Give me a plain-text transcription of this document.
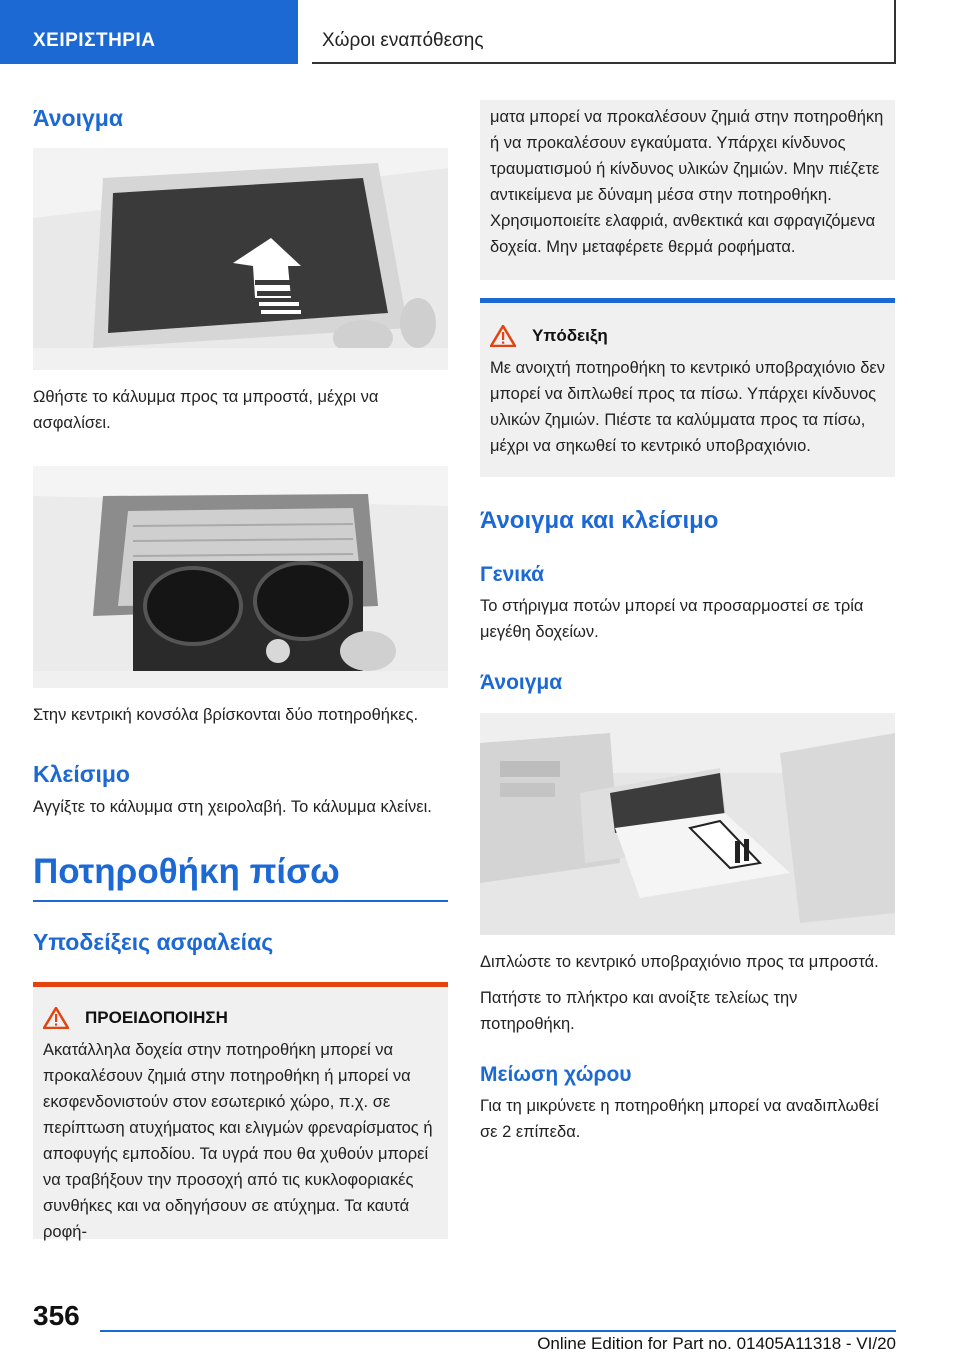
ΧΕΙΡΙΣΤΗΡΙΑ	Χώροι εναπόθεσης
Άνοιγμα

Ωθήστε το κάλυμμα προς τα μπροστά, μέχρι να ασφαλίσει.

Στην κεντρική κονσόλα βρίσκονται δύο ποτηροθήκες.

Κλείσιμο

Αγγίξτε το κάλυμμα στη χειρολαβή. Το κάλυμμα κλείνει.

Ποτηροθήκη πίσω
Υποδείξεις ασφαλείας
ΠΡΟΕΙΔΟΠΟΙΗΣΗ
Ακατάλληλα δοχεία στην ποτηροθήκη μπορεί να προκαλέσουν ζημιά στην ποτηροθήκη ή μπορεί να εκσφενδονιστούν στον εσωτερικό χώρο, π.χ. σε περίπτωση ατυχήματος και ελιγμών φρεναρίσματος ή αποφυγής εμποδίου. Τα υγρά που θα χυθούν μπορεί να τραβήξουν την προσοχή από τις κυκλοφοριακές συνθήκες και να οδηγήσουν σε ατύχημα. Τα καυτά ροφή-
ματα μπορεί να προκαλέσουν ζημιά στην ποτηροθήκη ή να προκαλέσουν εγκαύματα. Υπάρχει κίνδυνος τραυματισμού ή κίνδυνος υλικών ζημιών. Μην πιέζετε αντικείμενα με δύναμη μέσα στην ποτηροθήκη. Χρησιμοποιείτε ελαφριά, ανθεκτικά και σφραγιζόμενα δοχεία. Μην μεταφέρετε θερμά ροφήματα.
Υπόδειξη
Με ανοιχτή ποτηροθήκη το κεντρικό υποβραχιόνιο δεν μπορεί να διπλωθεί προς τα πίσω. Υπάρχει κίνδυνος υλικών ζημιών. Πιέστε τα καλύμματα προς τα πίσω, μέχρι να σηκωθεί το κεντρικό υποβραχιόνιο.
Άνοιγμα και κλείσιμο
Γενικά

Το στήριγμα ποτών μπορεί να προσαρμοστεί σε τρία μεγέθη δοχείων.

Άνοιγμα

Διπλώστε το κεντρικό υποβραχιόνιο προς τα μπροστά.

Πατήστε το πλήκτρο και ανοίξτε τελείως την ποτηροθήκη.

Μείωση χώρου

Για τη μικρύνετε η ποτηροθήκη μπορεί να αναδιπλωθεί σε 2 επίπεδα.

356
Online Edition for Part no. 01405A11318 - VI/20
